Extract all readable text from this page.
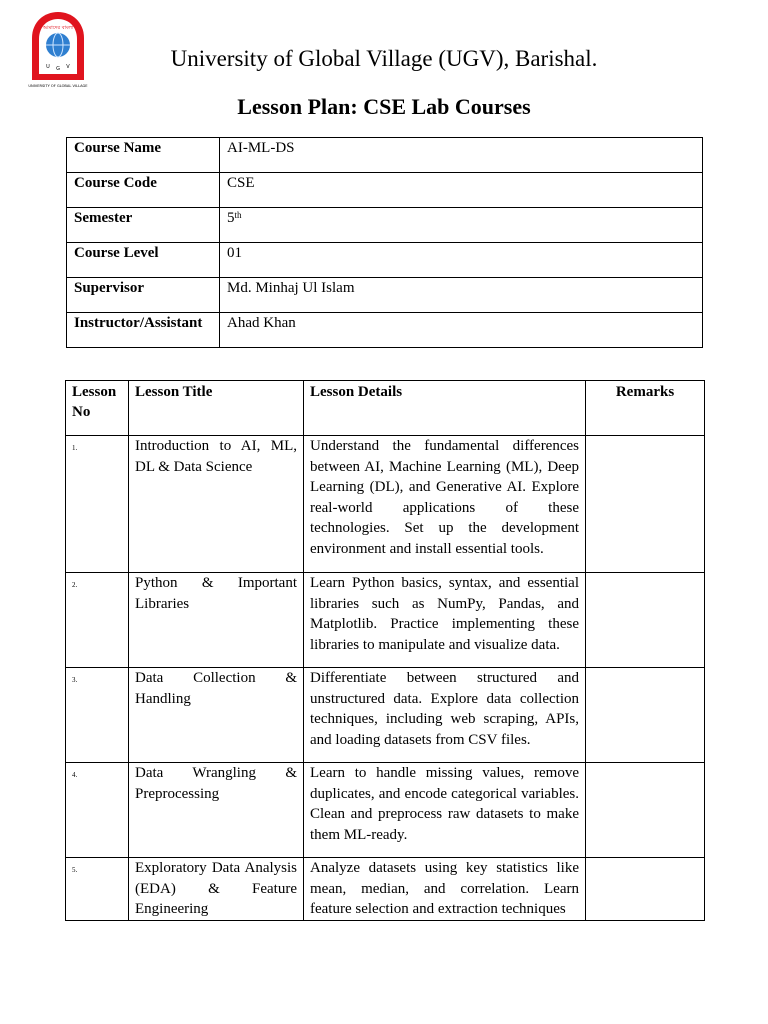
আমাদের বাংলা
U G V
UNIVERSITY OF GLOBAL VILLAGE
University of Global Village (UGV), Barishal.
Lesson Plan: CSE Lab Courses
Course Name	AI-ML-DS
Course Code	CSE
Semester	5th
Course Level	01
Supervisor	Md. Minhaj Ul Islam
Instructor/Assistant	Ahad Khan
Lesson No	Lesson Title	Lesson Details	Remarks
1.	Introduction to AI, ML, DL & Data Science	Understand the fundamental differences between AI, Machine Learning (ML), Deep Learning (DL), and Generative AI. Explore real-world applications of these technologies. Set up the development environment and install essential tools.	
2.	Python & Important Libraries	Learn Python basics, syntax, and essential libraries such as NumPy, Pandas, and Matplotlib. Practice implementing these libraries to manipulate and visualize data.	
3.	Data Collection & Handling	Differentiate between structured and unstructured data. Explore data collection techniques, including web scraping, APIs, and loading datasets from CSV files.	
4.	Data Wrangling & Preprocessing	Learn to handle missing values, remove duplicates, and encode categorical variables. Clean and preprocess raw datasets to make them ML-ready.	
5.	Exploratory Data Analysis (EDA) & Feature Engineering	Analyze datasets using key statistics like mean, median, and correlation. Learn feature selection and extraction techniques	
